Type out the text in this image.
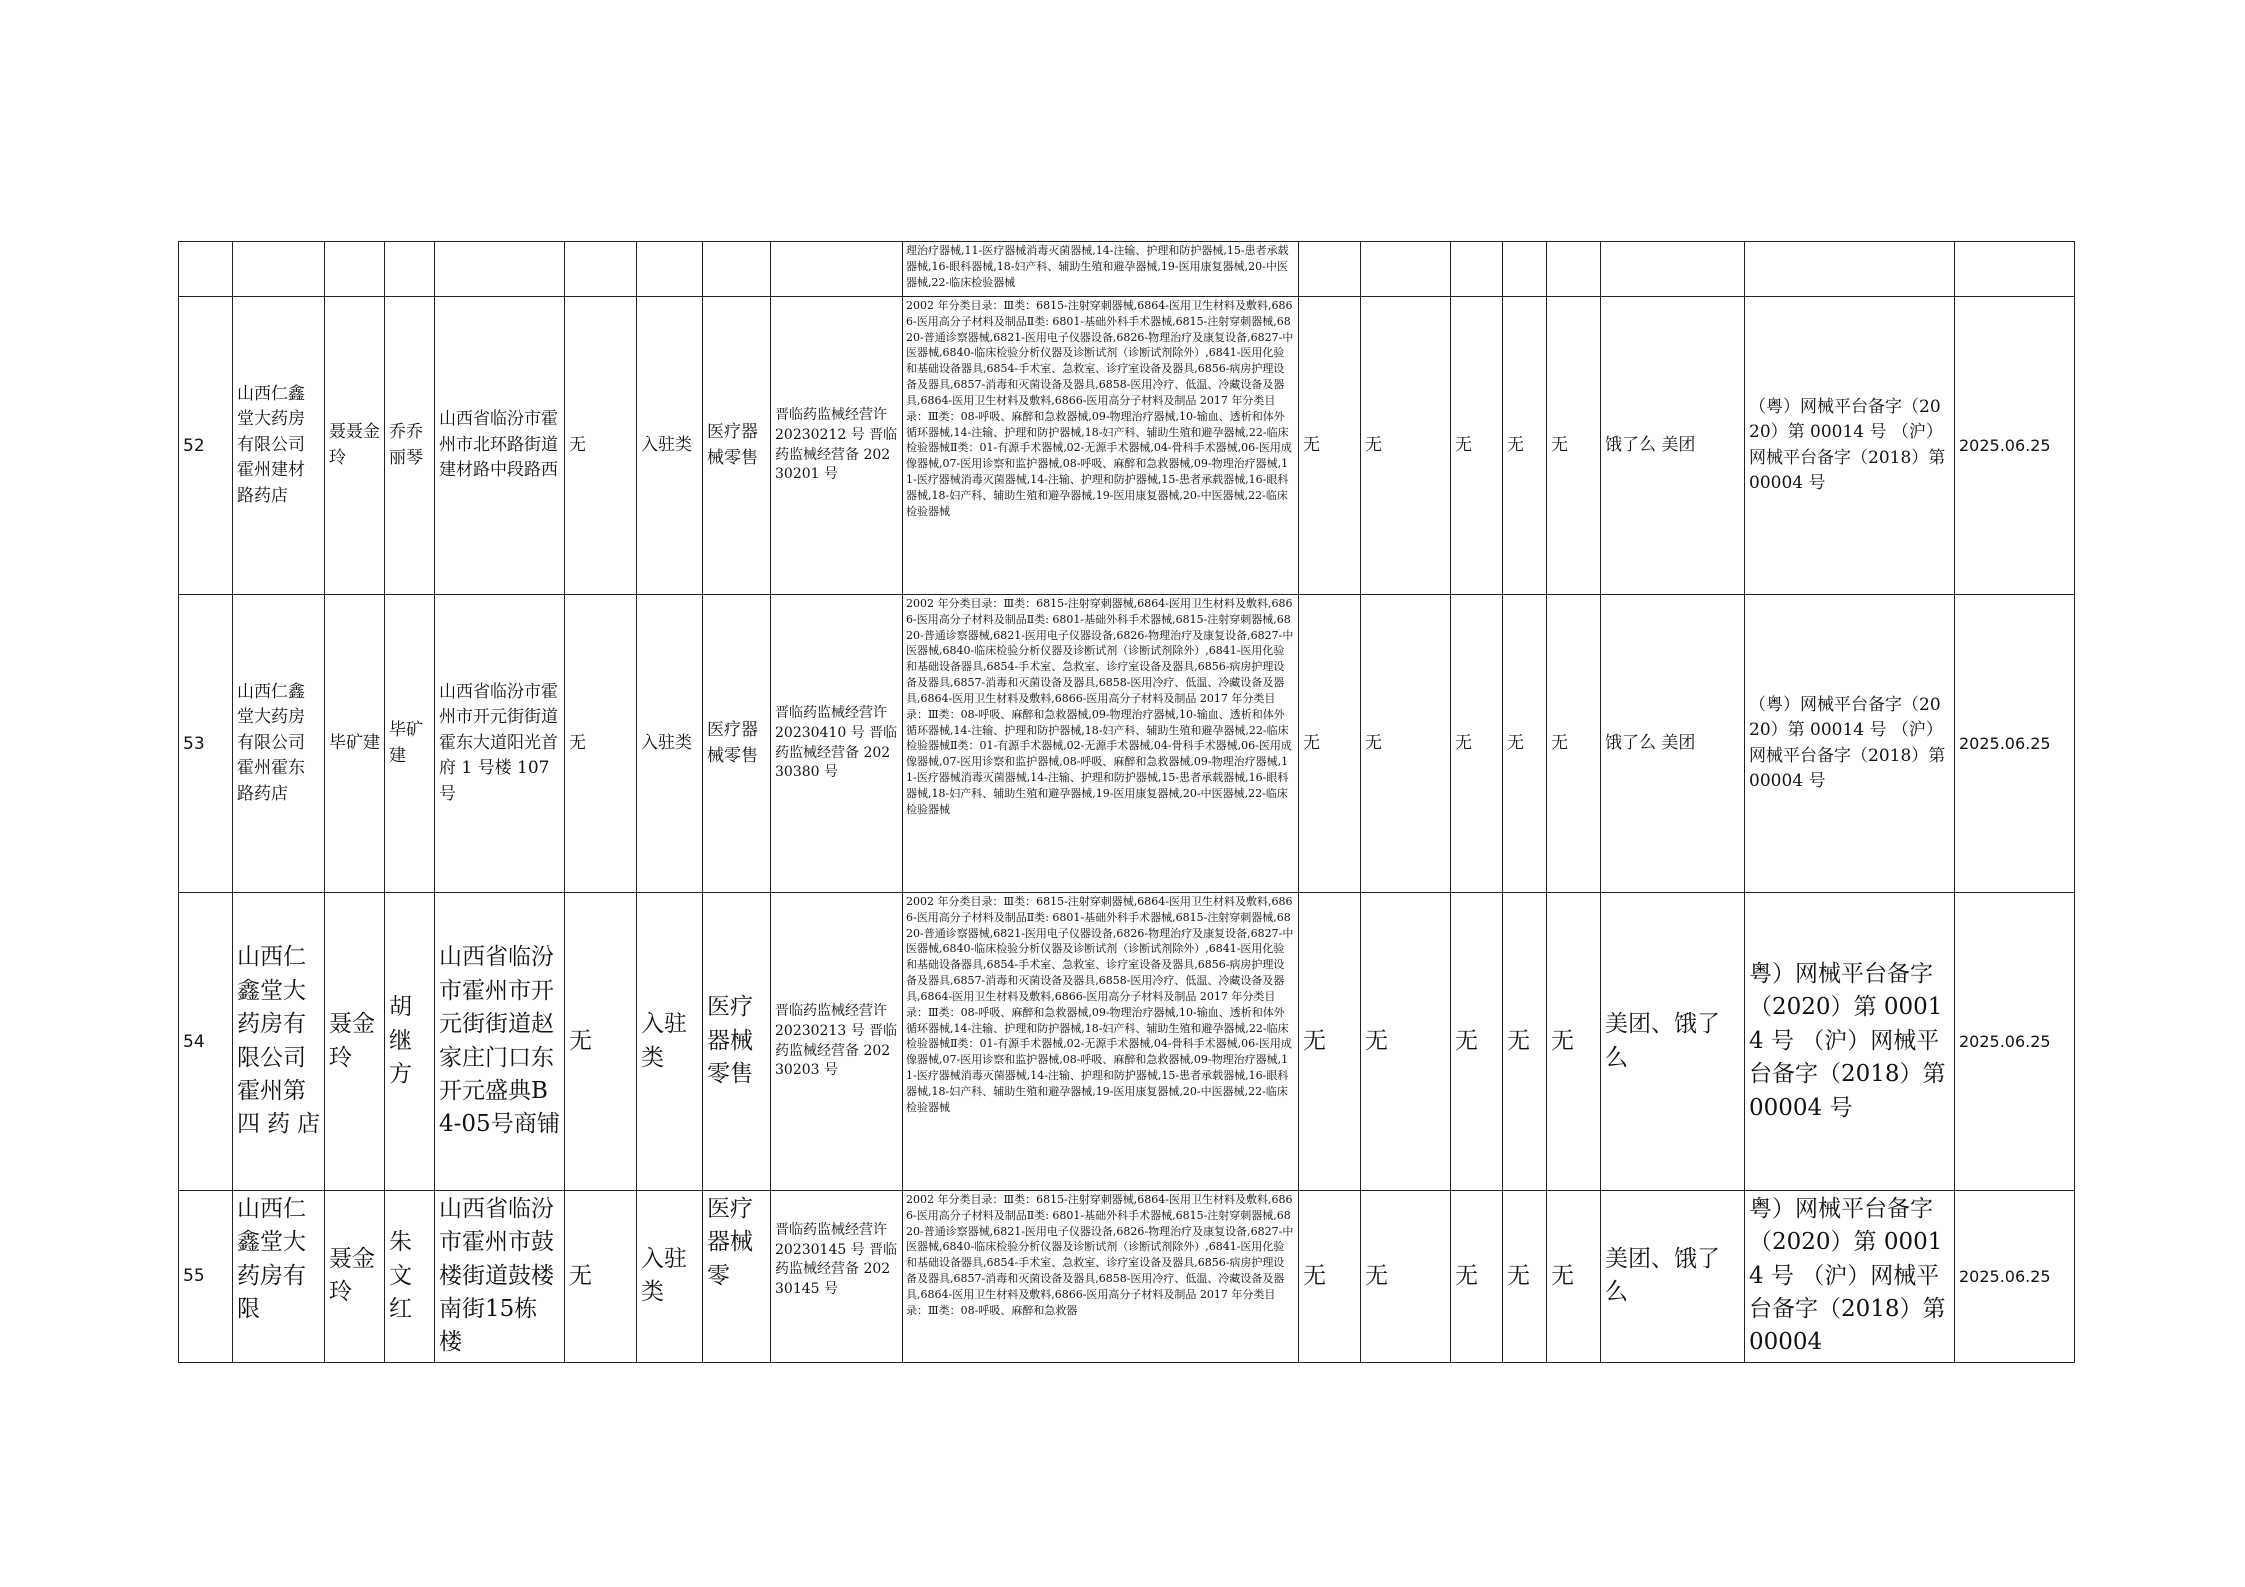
									理治疗器械,11-医疗器械消毒灭菌器械,14-注输、护理和防护器械,15-患者承载器械,16-眼科器械,18-妇产科、辅助生殖和避孕器械,19-医用康复器械,20-中医器械,22-临床检验器械								
52	山西仁鑫堂大药房有限公司霍州建材路药店	聂聂金玲	乔乔丽琴	山西省临汾市霍州市北环路街道建材路中段路西	无	入驻类	医疗器械零售	晋临药监械经营许 20230212 号 晋临药监械经营备 20230201 号	2002 年分类目录：Ⅲ类：6815-注射穿刺器械,6864-医用卫生材料及敷料,6866-医用高分子材料及制品Ⅱ类: 6801-基础外科手术器械,6815-注射穿刺器械,6820-普通诊察器械,6821-医用电子仪器设备,6826-物理治疗及康复设备,6827-中医器械,6840-临床检验分析仪器及诊断试剂（诊断试剂除外）,6841-医用化验和基础设备器具,6854-手术室、急救室、诊疗室设备及器具,6856-病房护理设备及器具,6857-消毒和灭菌设备及器具,6858-医用冷疗、低温、冷藏设备及器具,6864-医用卫生材料及敷料,6866-医用高分子材料及制品 2017 年分类目录：Ⅲ类：08-呼吸、麻醉和急救器械,09-物理治疗器械,10-输血、透析和体外循环器械,14-注输、护理和防护器械,18-妇产科、辅助生殖和避孕器械,22-临床检验器械Ⅱ类：01-有源手术器械,02-无源手术器械,04-骨科手术器械,06-医用成像器械,07-医用诊察和监护器械,08-呼吸、麻醉和急救器械,09-物理治疗器械,11-医疗器械消毒灭菌器械,14-注输、护理和防护器械,15-患者承载器械,16-眼科器械,18-妇产科、辅助生殖和避孕器械,19-医用康复器械,20-中医器械,22-临床检验器械	无	无	无	无	无	饿了么 美团	（粤）网械平台备字（2020）第 00014 号 （沪）网械平台备字（2018）第 00004 号	2025.06.25
53	山西仁鑫堂大药房有限公司霍州霍东路药店	毕矿建	毕矿建	山西省临汾市霍州市开元街街道霍东大道阳光首府 1 号楼 107 号	无	入驻类	医疗器械零售	晋临药监械经营许 20230410 号 晋临药监械经营备 20230380 号	2002 年分类目录：Ⅲ类：6815-注射穿刺器械,6864-医用卫生材料及敷料,6866-医用高分子材料及制品Ⅱ类: 6801-基础外科手术器械,6815-注射穿刺器械,6820-普通诊察器械,6821-医用电子仪器设备,6826-物理治疗及康复设备,6827-中医器械,6840-临床检验分析仪器及诊断试剂（诊断试剂除外）,6841-医用化验和基础设备器具,6854-手术室、急救室、诊疗室设备及器具,6856-病房护理设备及器具,6857-消毒和灭菌设备及器具,6858-医用冷疗、低温、冷藏设备及器具,6864-医用卫生材料及敷料,6866-医用高分子材料及制品 2017 年分类目录：Ⅲ类：08-呼吸、麻醉和急救器械,09-物理治疗器械,10-输血、透析和体外循环器械,14-注输、护理和防护器械,18-妇产科、辅助生殖和避孕器械,22-临床检验器械Ⅱ类：01-有源手术器械,02-无源手术器械,04-骨科手术器械,06-医用成像器械,07-医用诊察和监护器械,08-呼吸、麻醉和急救器械,09-物理治疗器械,11-医疗器械消毒灭菌器械,14-注输、护理和防护器械,15-患者承载器械,16-眼科器械,18-妇产科、辅助生殖和避孕器械,19-医用康复器械,20-中医器械,22-临床检验器械	无	无	无	无	无	饿了么 美团	（粤）网械平台备字（2020）第 00014 号 （沪）网械平台备字（2018）第 00004 号	2025.06.25
54	山西仁鑫堂大药房有限公司霍州第四药店	聂金玲	胡继方	山西省临汾市霍州市开元街街道赵家庄门口东开元盛典B4-05号商铺	无	入驻类	医疗器械零售	晋临药监械经营许 20230213 号 晋临药监械经营备 20230203 号	2002 年分类目录：Ⅲ类：6815-注射穿刺器械,6864-医用卫生材料及敷料,6866-医用高分子材料及制品Ⅱ类: 6801-基础外科手术器械,6815-注射穿刺器械,6820-普通诊察器械,6821-医用电子仪器设备,6826-物理治疗及康复设备,6827-中医器械,6840-临床检验分析仪器及诊断试剂（诊断试剂除外）,6841-医用化验和基础设备器具,6854-手术室、急救室、诊疗室设备及器具,6856-病房护理设备及器具,6857-消毒和灭菌设备及器具,6858-医用冷疗、低温、冷藏设备及器具,6864-医用卫生材料及敷料,6866-医用高分子材料及制品 2017 年分类目录：Ⅲ类：08-呼吸、麻醉和急救器械,09-物理治疗器械,10-输血、透析和体外循环器械,14-注输、护理和防护器械,18-妇产科、辅助生殖和避孕器械,22-临床检验器械Ⅱ类：01-有源手术器械,02-无源手术器械,04-骨科手术器械,06-医用成像器械,07-医用诊察和监护器械,08-呼吸、麻醉和急救器械,09-物理治疗器械,11-医疗器械消毒灭菌器械,14-注输、护理和防护器械,15-患者承载器械,16-眼科器械,18-妇产科、辅助生殖和避孕器械,19-医用康复器械,20-中医器械,22-临床检验器械	无	无	无	无	无	美团、饿了么	粤）网械平台备字（2020）第 00014 号 （沪）网械平台备字（2018）第 00004 号	2025.06.25
55	山西仁鑫堂大药房有限	聂金玲	朱文红	山西省临汾市霍州市鼓楼街道鼓楼南街15栋楼	无	入驻类	医疗器械零	晋临药监械经营许 20230145 号 晋临药监械经营备 20230145 号	2002 年分类目录：Ⅲ类：6815-注射穿刺器械,6864-医用卫生材料及敷料,6866-医用高分子材料及制品Ⅱ类: 6801-基础外科手术器械,6815-注射穿刺器械,6820-普通诊察器械,6821-医用电子仪器设备,6826-物理治疗及康复设备,6827-中医器械,6840-临床检验分析仪器及诊断试剂（诊断试剂除外）,6841-医用化验和基础设备器具,6854-手术室、急救室、诊疗室设备及器具,6856-病房护理设备及器具,6857-消毒和灭菌设备及器具,6858-医用冷疗、低温、冷藏设备及器具,6864-医用卫生材料及敷料,6866-医用高分子材料及制品 2017 年分类目录：Ⅲ类：08-呼吸、麻醉和急救器	无	无	无	无	无	美团、饿了么	粤）网械平台备字（2020）第 00014 号 （沪）网械平台备字（2018）第 00004	2025.06.25
